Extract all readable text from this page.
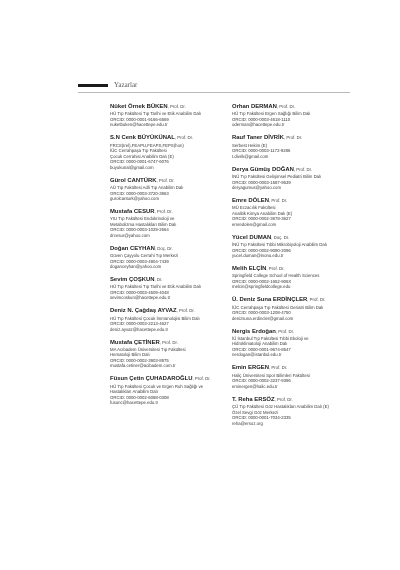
Yazarlar
Nüket Örnek BÜKEN, Prof. Dr.
HÜ Tıp Fakültesi Tıp Tarihi ve Etik Anabilim Dalı
ORCID: 0000-0001-9166-6569
nuketbuken@hacettepe.edu.tr
S.N Cenk BÜYÜKÜNAL, Prof. Dr.
FRCS(Irel),FEAPU,FEAPS,FEPS(hon)
İÜC Cerrahpaşa Tıp Fakültesi
Çocuk Cerrahisi Anabilim Dalı (E)
ORCID: 0000-0001-6747-6076
buyukunal@gmail.com
Gürol CANTÜRK, Prof. Dr.
AÜ Tıp Fakültesi Adli Tıp Anabilim Dalı
ORCID: 0000-0003-3720-3963
gurolcanturk@yahoo.com
Mustafa CESUR, Prof. Dr.
YIU Tıp Fakültesi Endokrinoloji ve
Metabolizma Hastalıkları Bilim Dalı
ORCID: 0000-0003-1029-2664
drcesur@yahoo.com
Doğan CEYHAN, Doç. Dr.
Güven Çayyolu Cerrahi Tıp Merkezi
ORCID: 0000-0003-4904-7439
doganceyhan@yahoo.com
Sevim ÇOŞKUN, Dr.
HÜ Tıp Fakültesi Tıp Tarihi ve Etik Anabilim Dalı
ORCID: 0000-0003-4509-4048
sevimcoskun@hacettepe.edu.tr
Deniz N. Çağdaş AYVAZ, Prof. Dr.
HÜ Tıp Fakültesi Çocuk İmmünolojisi Bilim Dalı
ORCID: 0000-0003-2213-4627
deniz.ayvaz@hacettepe.edu.tr
Mustafa ÇETİNER, Prof. Dr.
MA Acıbadem Üniversitesi Tıp Fakültesi
Hematoloji Bilim Dalı
ORCID: 0000-0002-3903-8975
mustafa.cetiner@acibadem.com.tr
Füsun Çetin ÇUHADAROĞLU, Prof. Dr.
HÜ Tıp Fakültesi Çocuk ve Ergen Ruh Sağlığı ve
Hastalıkları Anabilim Dalı
ORCID: 0000-0002-6088-0308
fusunc@hacettepe.edu.tr
Orhan DERMAN, Prof. Dr.
HÜ Tıp Fakültesi Ergen Sağlığı Bilim Dalı
ORCID: 0000-0003-4618-1110
oderman@hacettepe.edu.tr
Rauf Taner DİVRİK, Prof. Dr.
Serbest Hekim (E)
ORCID: 0000-0003-1172-9286
t.divrik@gmail.com
Derya Gümüş DOĞAN, Prof. Dr.
İNÜ Tıp Fakültesi Gelişimsel Pediatri Bilim Dalı
ORCID: 0000-0003-1587-9639
deryagumus@yahoo.com
Emre DÖLEN, Prof. Dr.
MÜ Eczacılık Fakültesi
Analitik Kimya Anabilim Dalı (E)
ORCID: 0000-0002-3678-3627
emredolen@gmail.com
Yücel DUMAN, Doç. Dr.
İNÜ Tıp Fakültesi Tıbbi Mikrobiyoloji Anabilim Dalı
ORCID: 0000-0002-9090-2096
yucel.duman@inonu.edu.tr
Melih ELÇİN, Prof. Dr.
Springfield College School of Health Sciences
ORCID: 0000-0002-1652-906X
melcin@springfieldcollege.edu
Ü. Deniz Suna ERDİNÇLER, Prof. Dr.
İÜC Cerrahpaşa Tıp Fakültesi Geriatri Bilim Dalı
ORCID: 0000-0003-1208-4750
denizsuna.erdincler@gmail.com
Nergis Erdoğan, Prof. Dr.
İÜ İstanbul Tıp Fakültesi Tıbbi Ekoloji ve
Hidroklimatoloji Anabilim Dalı
ORCID: 0000-0001-9674-8547
nerdogan@istanbul.edu.tr
Emin ERGEN, Prof. Dr.
Haliç Üniversitesi Spor Bilimleri Fakültesi
ORCID: 0000-0002-3237-9396
eminergen@halic.edu.tr
T. Reha ERSÖZ, Prof. Dr.
ÇÜ Tıp Fakültesi Göz Hastalıkları Anabilim Dalı (E)
Özel Sevgi Göz Merkezi
ORCID: 0000-0001-7034-2335
reha@ersoz.org
